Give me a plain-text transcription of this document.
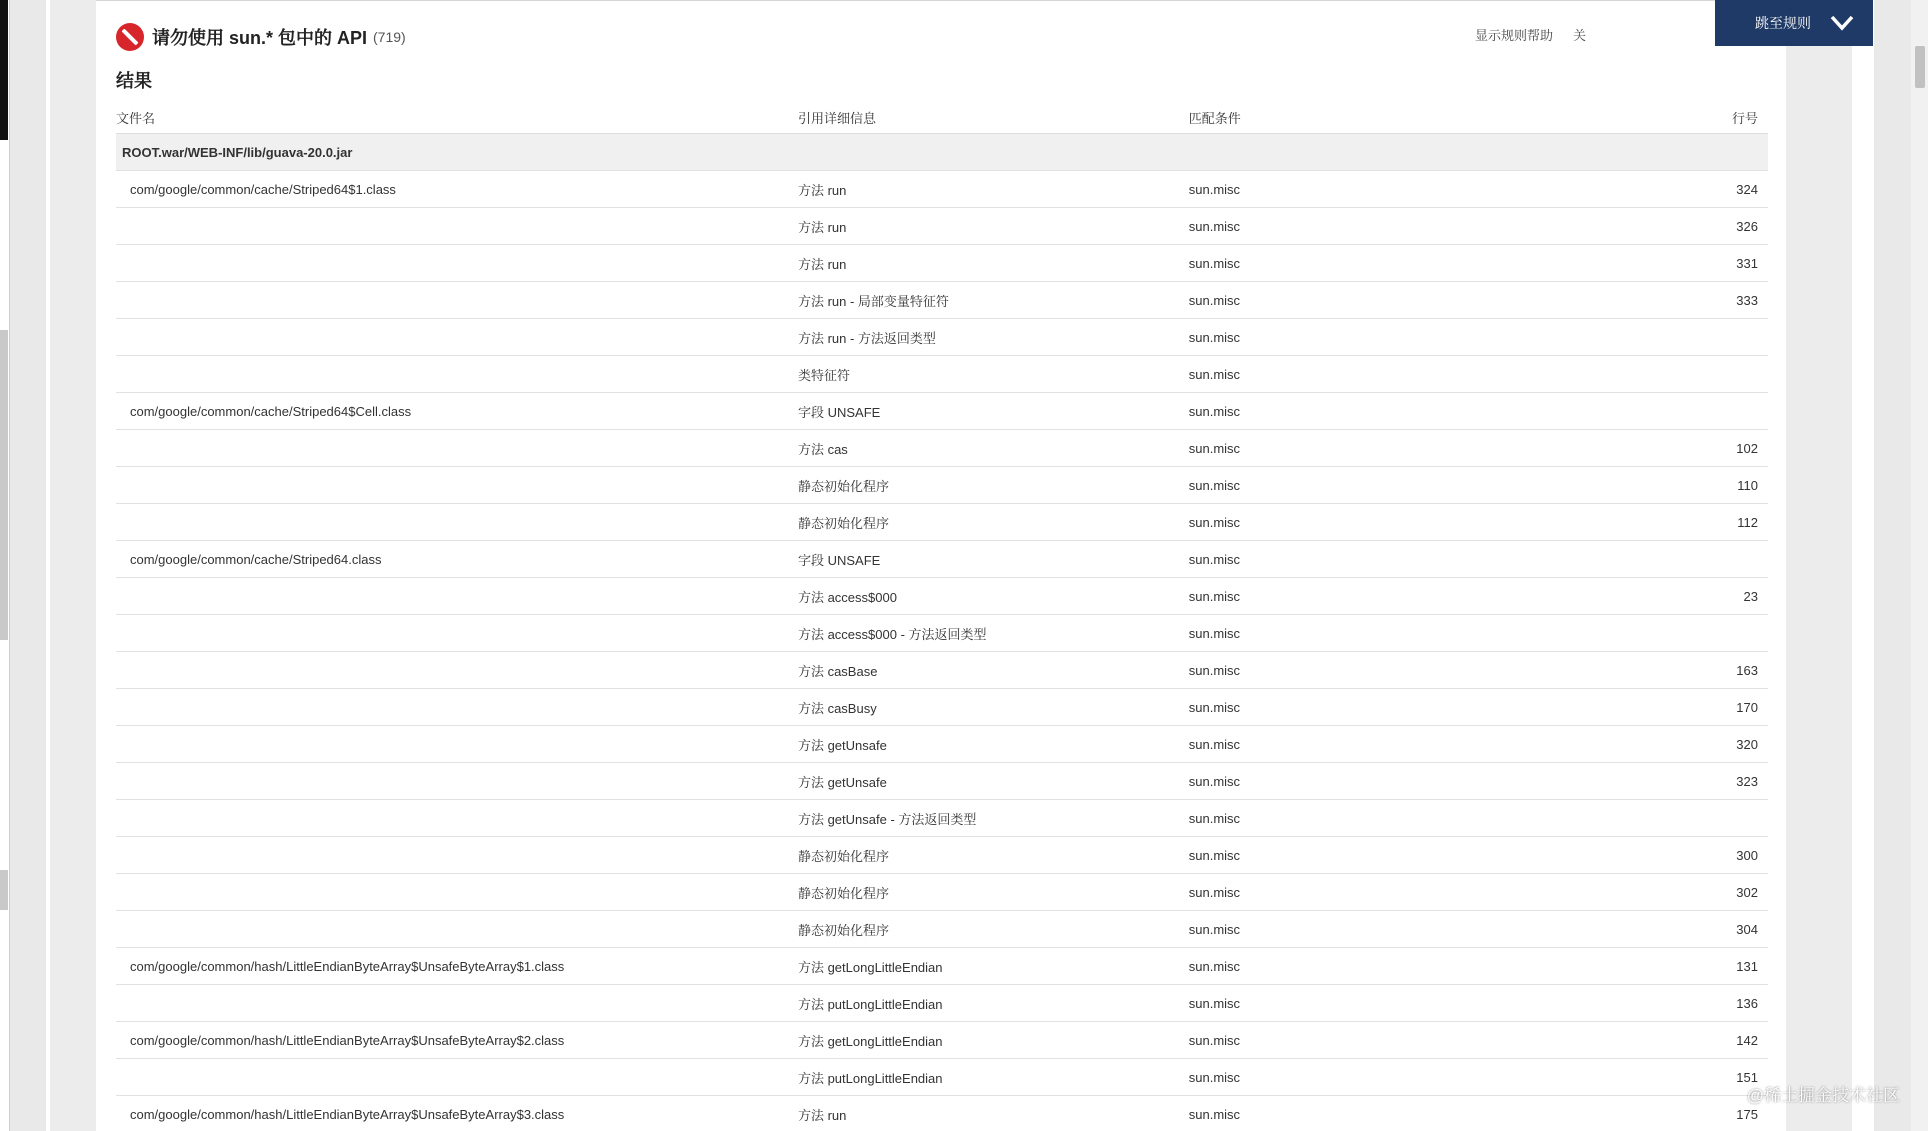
请勿使用 sun.* 包中的 API (719)	显示规则帮助 关
结果
文件名	引用详细信息	匹配条件	行号
ROOT.war/WEB-INF/lib/guava-20.0.jar			
com/google/common/cache/Striped64$1.class	方法 run	sun.misc	324
	方法 run	sun.misc	326
	方法 run	sun.misc	331
	方法 run - 局部变量特征符	sun.misc	333
	方法 run - 方法返回类型	sun.misc	
	类特征符	sun.misc	
com/google/common/cache/Striped64$Cell.class	字段 UNSAFE	sun.misc	
	方法 cas	sun.misc	102
	静态初始化程序	sun.misc	110
	静态初始化程序	sun.misc	112
com/google/common/cache/Striped64.class	字段 UNSAFE	sun.misc	
	方法 access$000	sun.misc	23
	方法 access$000 - 方法返回类型	sun.misc	
	方法 casBase	sun.misc	163
	方法 casBusy	sun.misc	170
	方法 getUnsafe	sun.misc	320
	方法 getUnsafe	sun.misc	323
	方法 getUnsafe - 方法返回类型	sun.misc	
	静态初始化程序	sun.misc	300
	静态初始化程序	sun.misc	302
	静态初始化程序	sun.misc	304
com/google/common/hash/LittleEndianByteArray$UnsafeByteArray$1.class	方法 getLongLittleEndian	sun.misc	131
	方法 putLongLittleEndian	sun.misc	136
com/google/common/hash/LittleEndianByteArray$UnsafeByteArray$2.class	方法 getLongLittleEndian	sun.misc	142
	方法 putLongLittleEndian	sun.misc	151
com/google/common/hash/LittleEndianByteArray$UnsafeByteArray$3.class	方法 run	sun.misc	175
跳至规则
@稀土掘金技术社区
